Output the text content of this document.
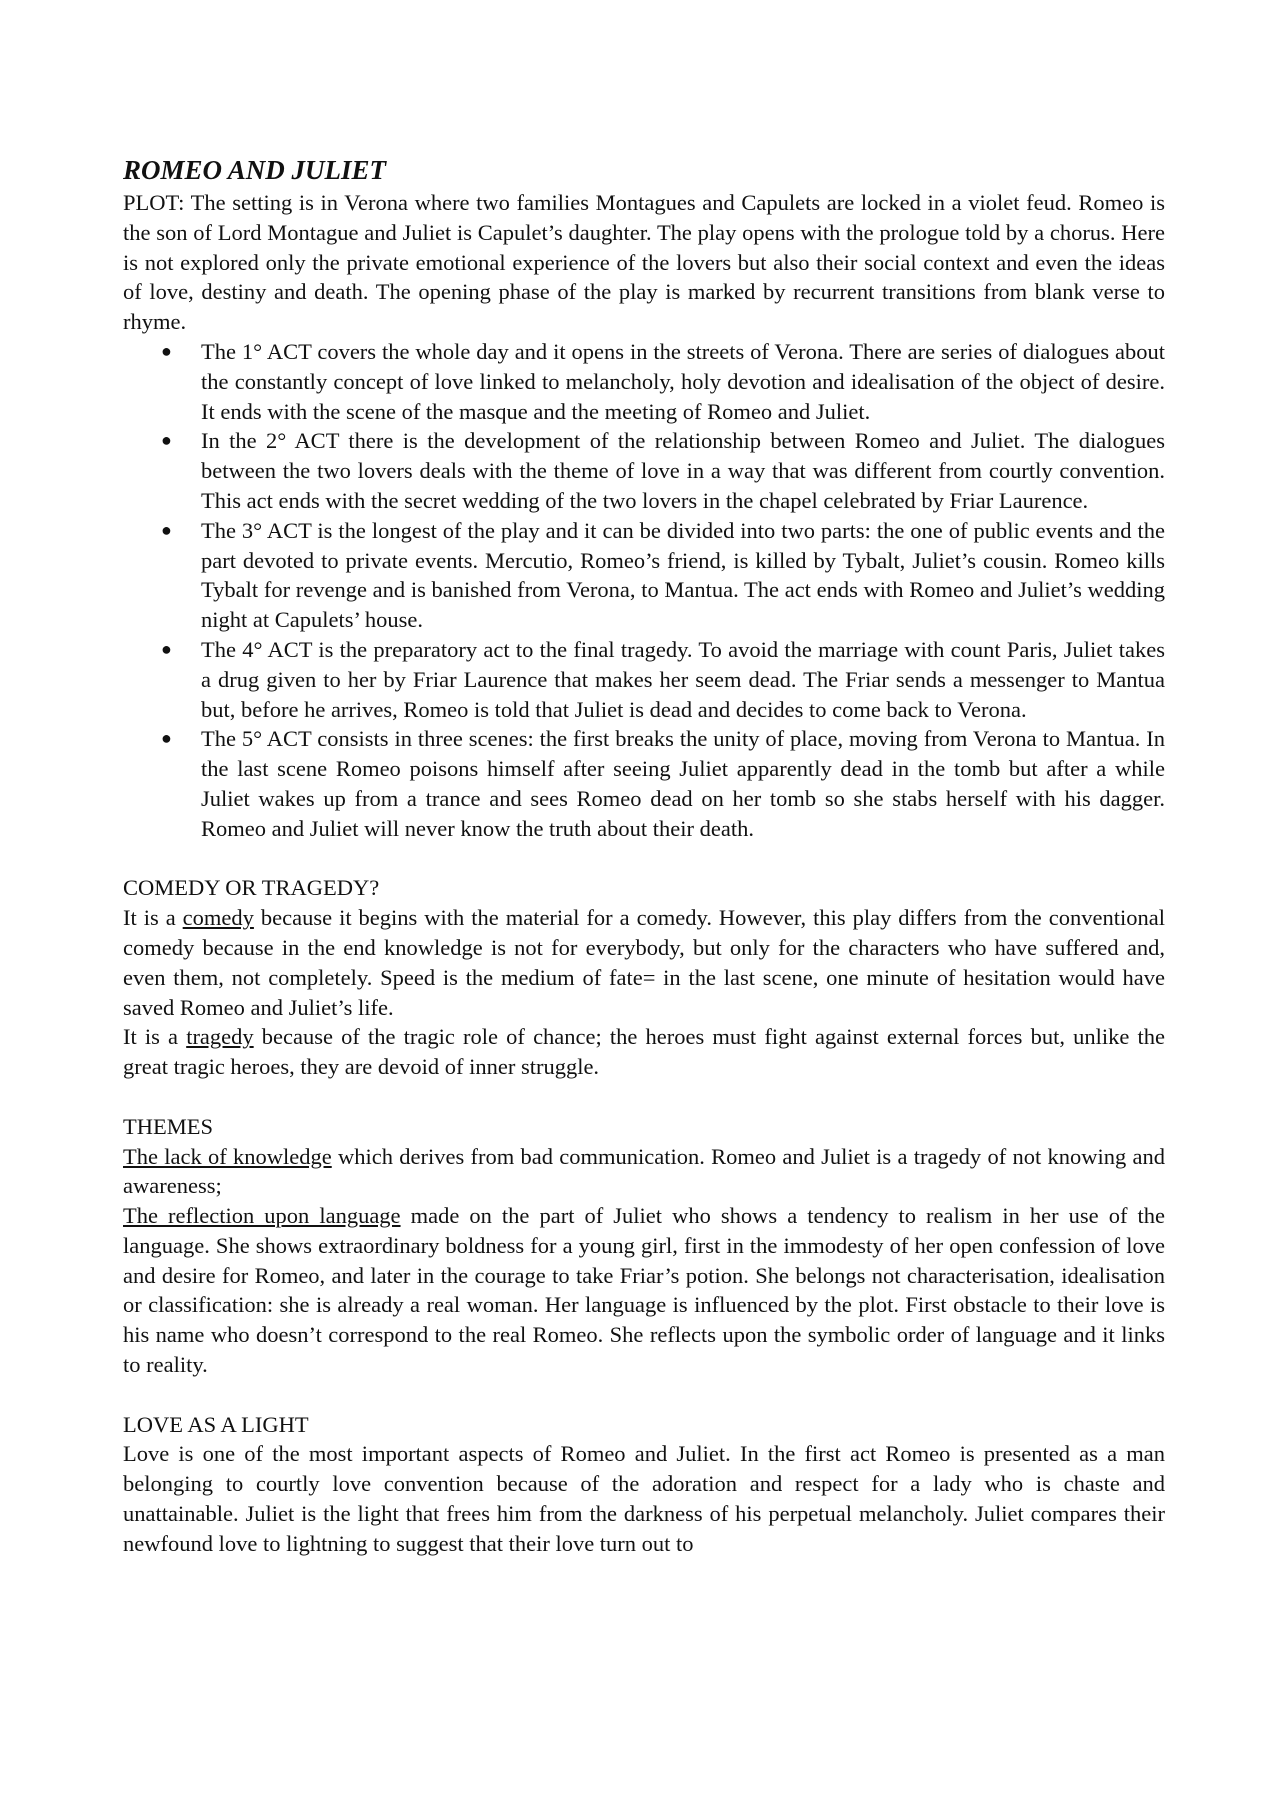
ROMEO AND JULIET

PLOT: The setting is in Verona where two families Montagues and Capulets are locked in a violet feud. Romeo is the son of Lord Montague and Juliet is Capulet’s daughter. The play opens with the prologue told by a chorus. Here is not explored only the private emotional experience of the lovers but also their social context and even the ideas of love, destiny and death. The opening phase of the play is marked by recurrent transitions from blank verse to rhyme.

● The 1° ACT covers the whole day and it opens in the streets of Verona. There are series of dialogues about the constantly concept of love linked to melancholy, holy devotion and idealisation of the object of desire. It ends with the scene of the masque and the meeting of Romeo and Juliet.
● In the 2° ACT there is the development of the relationship between Romeo and Juliet. The dialogues between the two lovers deals with the theme of love in a way that was different from courtly convention. This act ends with the secret wedding of the two lovers in the chapel celebrated by Friar Laurence.
● The 3° ACT is the longest of the play and it can be divided into two parts: the one of public events and the part devoted to private events. Mercutio, Romeo’s friend, is killed by Tybalt, Juliet’s cousin. Romeo kills Tybalt for revenge and is banished from Verona, to Mantua. The act ends with Romeo and Juliet’s wedding night at Capulets’ house.
● The 4° ACT is the preparatory act to the final tragedy. To avoid the marriage with count Paris, Juliet takes a drug given to her by Friar Laurence that makes her seem dead. The Friar sends a messenger to Mantua but, before he arrives, Romeo is told that Juliet is dead and decides to come back to Verona.
● The 5° ACT consists in three scenes: the first breaks the unity of place, moving from Verona to Mantua. In the last scene Romeo poisons himself after seeing Juliet apparently dead in the tomb but after a while Juliet wakes up from a trance and sees Romeo dead on her tomb so she stabs herself with his dagger. Romeo and Juliet will never know the truth about their death.

COMEDY OR TRAGEDY?

It is a comedy because it begins with the material for a comedy. However, this play differs from the conventional comedy because in the end knowledge is not for everybody, but only for the characters who have suffered and, even them, not completely. Speed is the medium of fate= in the last scene, one minute of hesitation would have saved Romeo and Juliet’s life.

It is a tragedy because of the tragic role of chance; the heroes must fight against external forces but, unlike the great tragic heroes, they are devoid of inner struggle.

THEMES

The lack of knowledge which derives from bad communication. Romeo and Juliet is a tragedy of not knowing and awareness;

The reflection upon language made on the part of Juliet who shows a tendency to realism in her use of the language. She shows extraordinary boldness for a young girl, first in the immodesty of her open confession of love and desire for Romeo, and later in the courage to take Friar’s potion. She belongs not characterisation, idealisation or classification: she is already a real woman. Her language is influenced by the plot. First obstacle to their love is his name who doesn’t correspond to the real Romeo. She reflects upon the symbolic order of language and it links to reality.

LOVE AS A LIGHT

Love is one of the most important aspects of Romeo and Juliet. In the first act Romeo is presented as a man belonging to courtly love convention because of the adoration and respect for a lady who is chaste and unattainable. Juliet is the light that frees him from the darkness of his perpetual melancholy. Juliet compares their newfound love to lightning to suggest that their love turn out to
